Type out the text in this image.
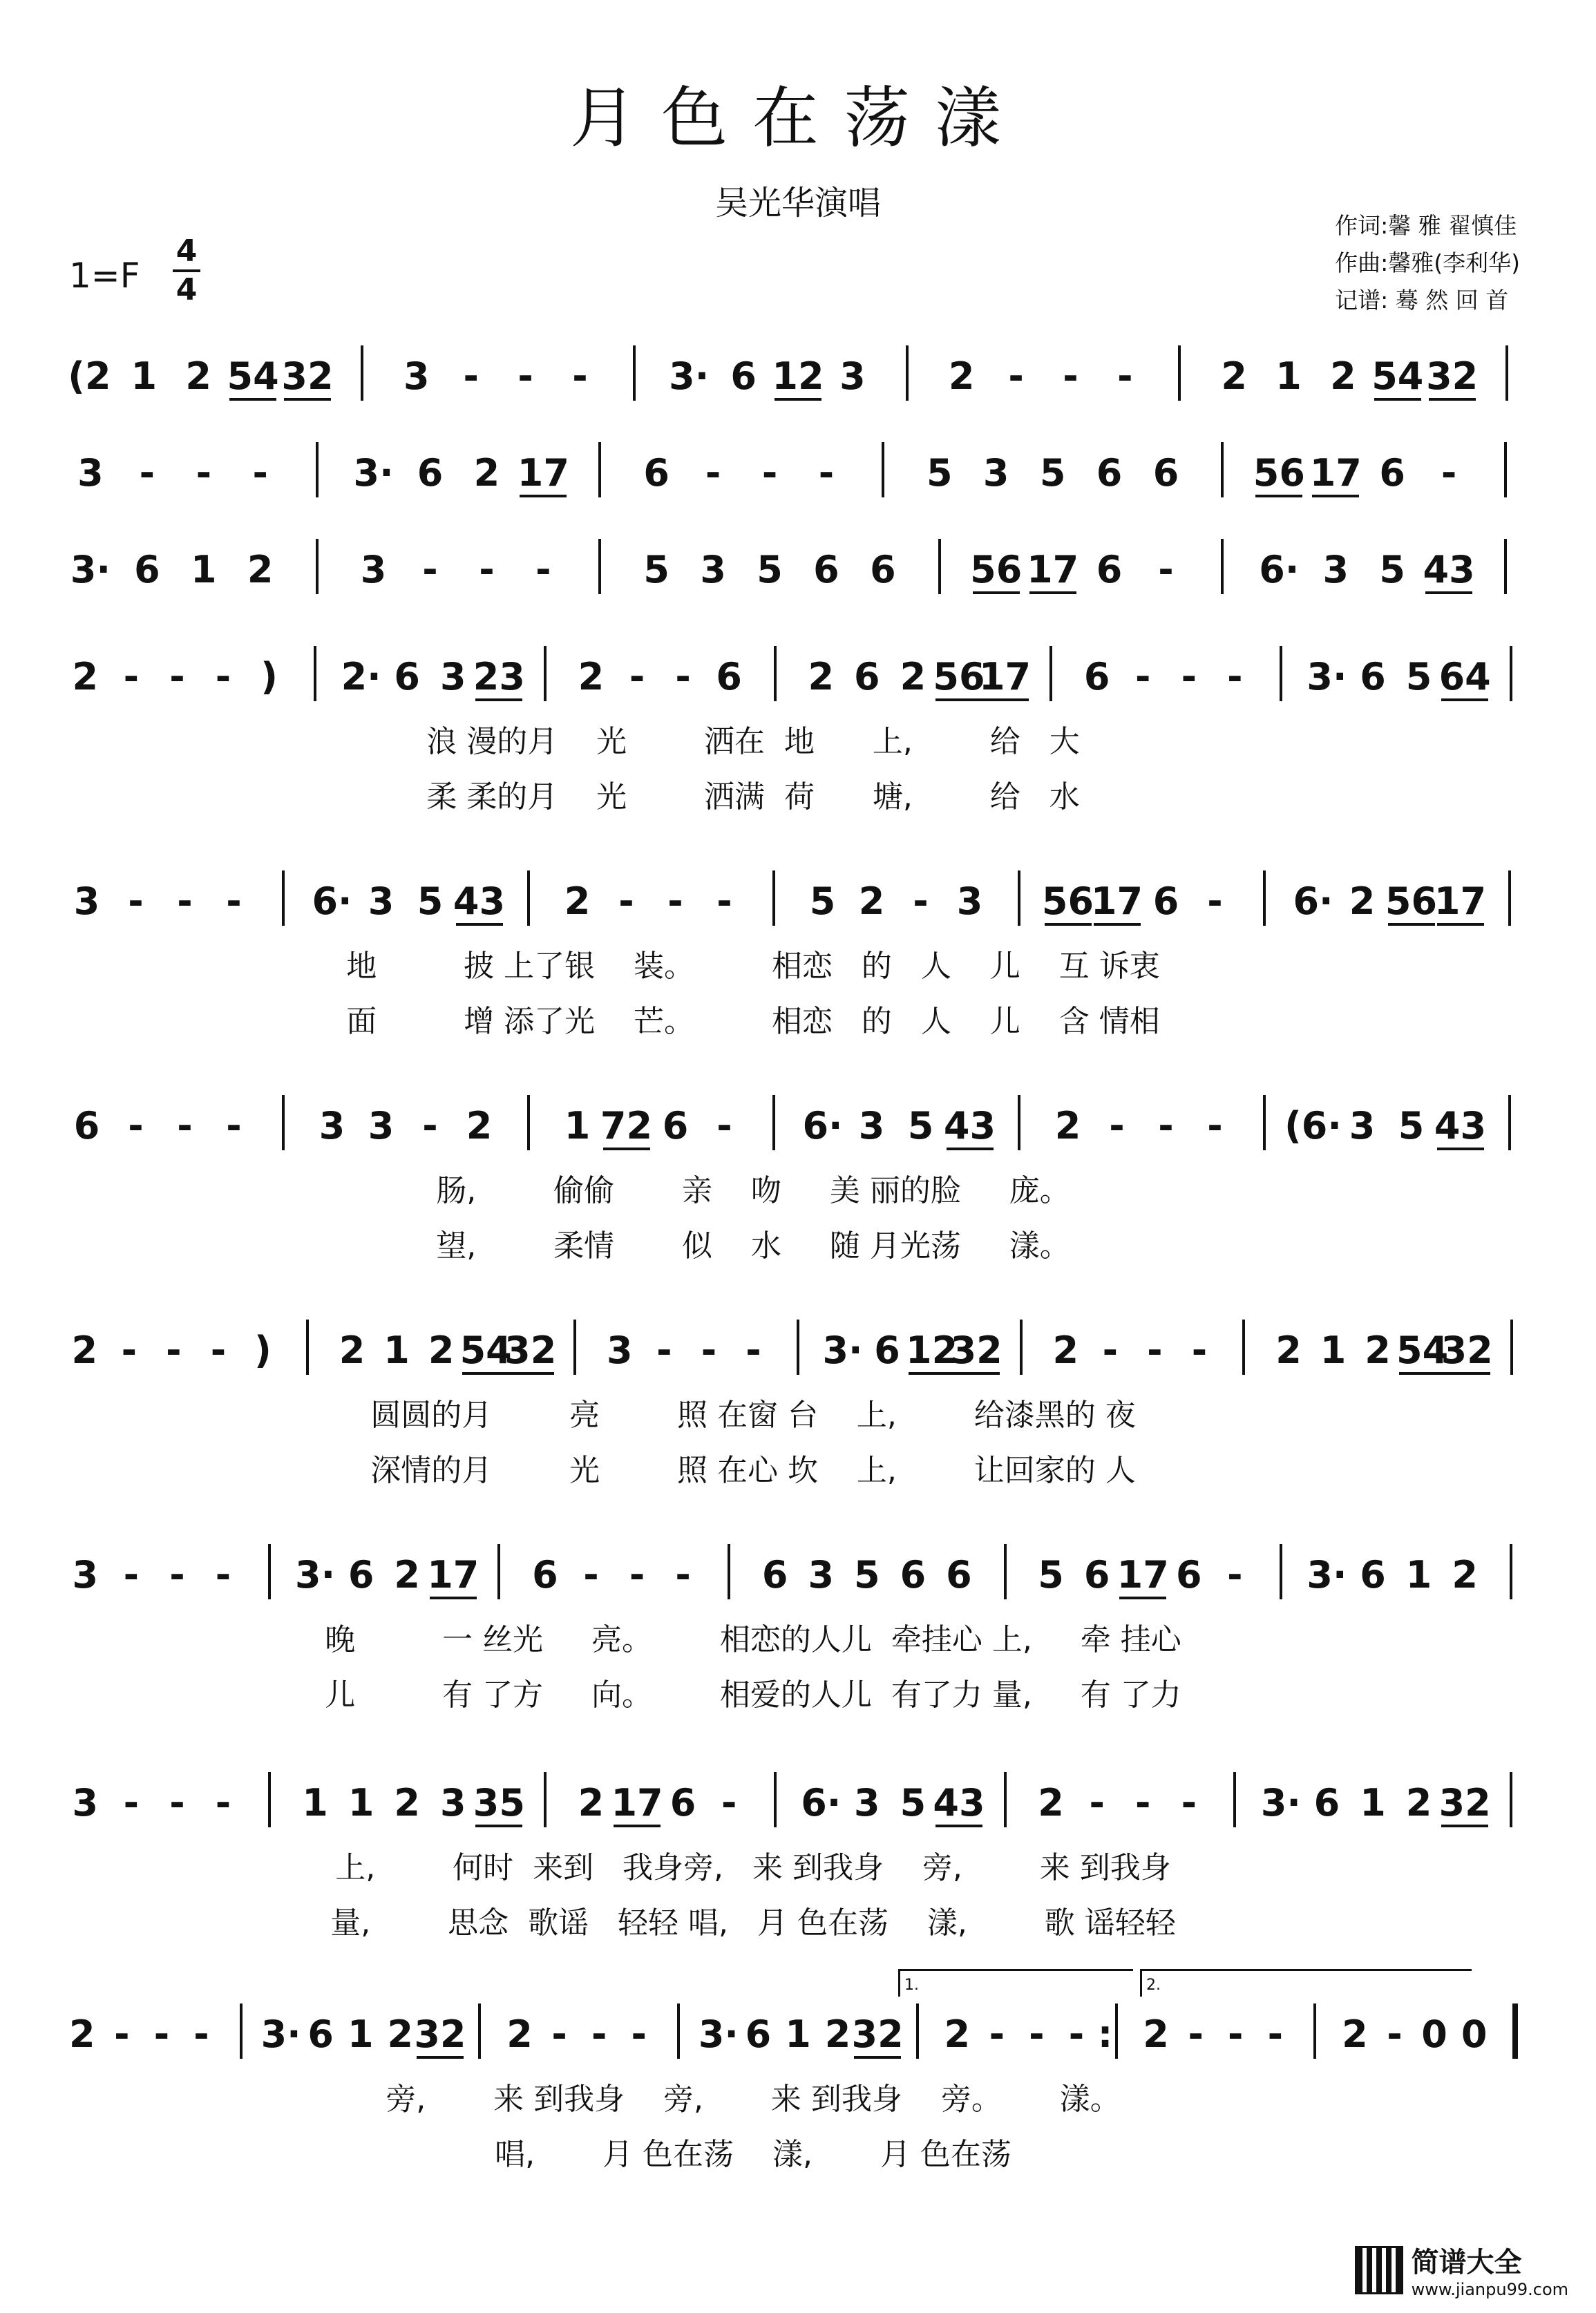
月色在荡漾
吴光华演唱
作词:馨 雅 翟慎佳
作曲:馨雅(李利华)
记谱: 蓦 然 回 首
1=F
4
4
(2 1 2 54 32 3 - - - 3· 6 12 3 2 - - - 2 1 2 54 32
3 - - - 3· 6 2 17 6 - - - 5 3 5 6 6 56 17 6 -
3· 6 1 2 3 - - - 5 3 5 6 6 56 17 6 - 6· 3 5 43
2 - - - ) 2· 6 3 23 2 - - 6 2 6 2 56
17 6 - - - 3· 6 5 64
浪 漫的月    光        洒在  地      上,        给   大
柔 柔的月    光        洒满  荷      塘,        给   水
3 - - - 6· 3 5 43 2 - - - 5 2 - 3 56
17 6 - 6· 2 56
17
地         披 上了银    装。        相恋   的   人    儿    互 诉衷
面         增 添了光    芒。        相恋   的   人    儿    含 情相
6 - - - 3 3 - 2 1 72 6 - 6· 3 5 43 2 - - - (6· 3 5 43
肠,        偷偷       亲    吻     美 丽的脸     庞。
望,        柔情       似    水     随 月光荡     漾。
2 - - - ) 2 1 2 54
32 3 - - - 3· 6 12
32 2 - - - 2 1 2 54
32
圆圆的月        亮        照 在窗 台    上,        给漆黑的 夜
深情的月        光        照 在心 坎    上,        让回家的 人
3 - - - 3· 6 2 17 6 - - - 6 3 5 6 6 5 6 17 6 - 3· 6 1 2
晚         一 丝光     亮。       相恋的人儿  牵挂心 上,     牵 挂心
儿         有 了方     向。       相爱的人儿  有了力 量,     有 了力
3 - - - 1 1 2 3 35 2 17 6 - 6· 3 5 43 2 - - - 3· 6 1 2 32
上,        何时  来到   我身旁,   来 到我身    旁,        来 到我身
量,        思念  歌谣   轻轻 唱,   月 色在荡    漾,        歌 谣轻轻
2 - - - 3· 6 1 2 32 2 - - - 3· 6 1 2 32 2 - - - : 2 - - - 2 - 0 0
旁,       来 到我身    旁,       来 到我身    旁。      漾。
唱,       月 色在荡    漾,       月 色在荡
简谱大全
www.jianpu99.com
1.	2.
